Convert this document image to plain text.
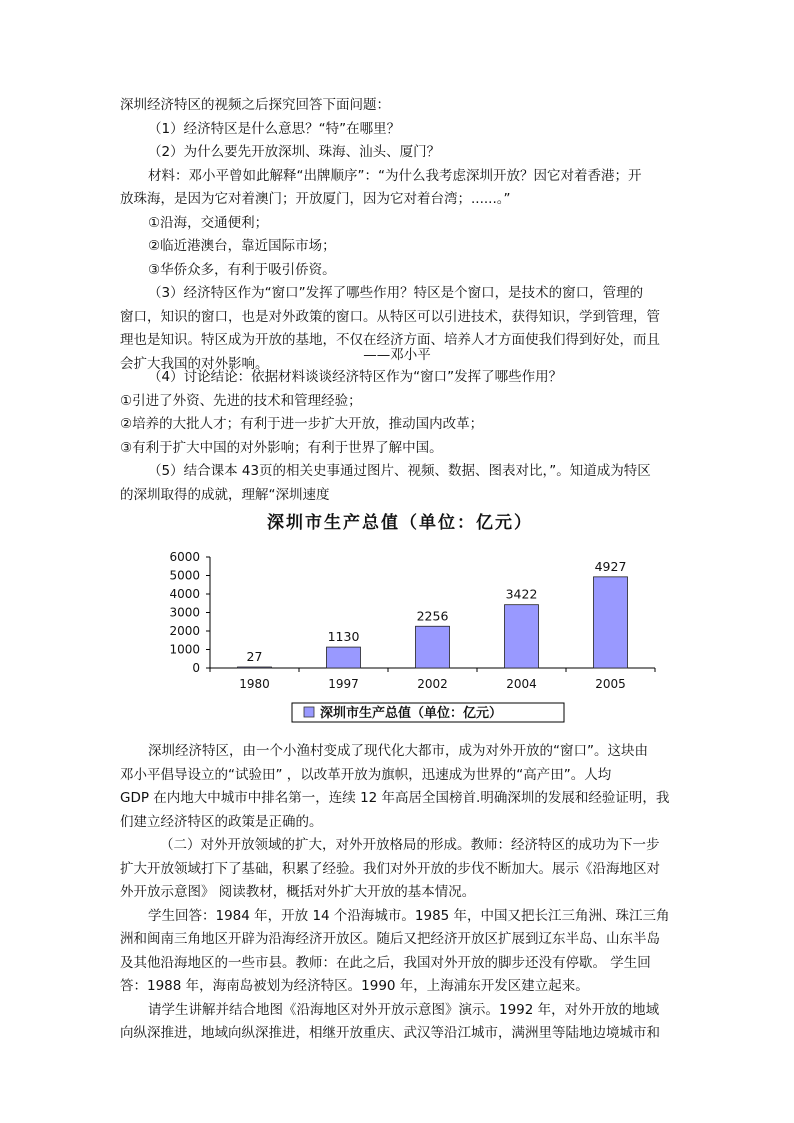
深圳经济特区的视频之后探究回答下面问题：
（1）经济特区是什么意思？“特”在哪里？
（2）为什么要先开放深圳、珠海、汕头、厦门？
材料：邓小平曾如此解释“出牌顺序”：“为什么我考虑深圳开放？因它对着香港；开
放珠海，是因为它对着澳门；开放厦门，因为它对着台湾；......。”
①沿海，交通便利；
②临近港澳台，靠近国际市场；
③华侨众多，有利于吸引侨资。
（3）经济特区作为“窗口”发挥了哪些作用？特区是个窗口，是技术的窗口，管理的
窗口，知识的窗口，也是对外政策的窗口。从特区可以引进技术，获得知识，学到管理，管
理也是知识。特区成为开放的基地，不仅在经济方面、培养人才方面使我们得到好处，而且
会扩大我国的对外影响。
——邓小平
（4）讨论结论：依据材料谈谈经济特区作为“窗口”发挥了哪些作用？
①引进了外资、先进的技术和管理经验；
②培养的大批人才；有利于进一步扩大开放，推动国内改革；
③有利于扩大中国的对外影响；有利于世界了解中国。
（5）结合课本 43页的相关史事通过图片、视频、数据、图表对比，”。知道成为特区
的深圳取得的成就，理解“深圳速度
深圳市生产总值（单位：亿元）
0
1000
2000
3000
4000
5000
6000
27
1130
2256
3422
4927
1980	1997	2002	2004	2005
深圳市生产总值（单位：亿元）
深圳经济特区，由一个小渔村变成了现代化大都市，成为对外开放的“窗口”。这块由
邓小平倡导设立的“试验田” ，以改革开放为旗帜，迅速成为世界的“高产田”。人均
GDP 在内地大中城市中排名第一，连续 12 年高居全国榜首.明确深圳的发展和经验证明，我
们建立经济特区的政策是正确的。
（二）对外开放领域的扩大，对外开放格局的形成。教师：经济特区的成功为下一步
扩大开放领域打下了基础，积累了经验。我们对外开放的步伐不断加大。展示《沿海地区对
外开放示意图》 阅读教材，概括对外扩大开放的基本情况。
学生回答：1984 年，开放 14 个沿海城市。1985 年，中国又把长江三角洲、珠江三角
洲和闽南三角地区开辟为沿海经济开放区。随后又把经济开放区扩展到辽东半岛、山东半岛
及其他沿海地区的一些市县。教师：在此之后，我国对外开放的脚步还没有停歇。 学生回
答：1988 年，海南岛被划为经济特区。1990 年，上海浦东开发区建立起来。
请学生讲解并结合地图《沿海地区对外开放示意图》演示。1992 年，对外开放的地域
向纵深推进，地域向纵深推进，相继开放重庆、武汉等沿江城市，满洲里等陆地边境城市和
